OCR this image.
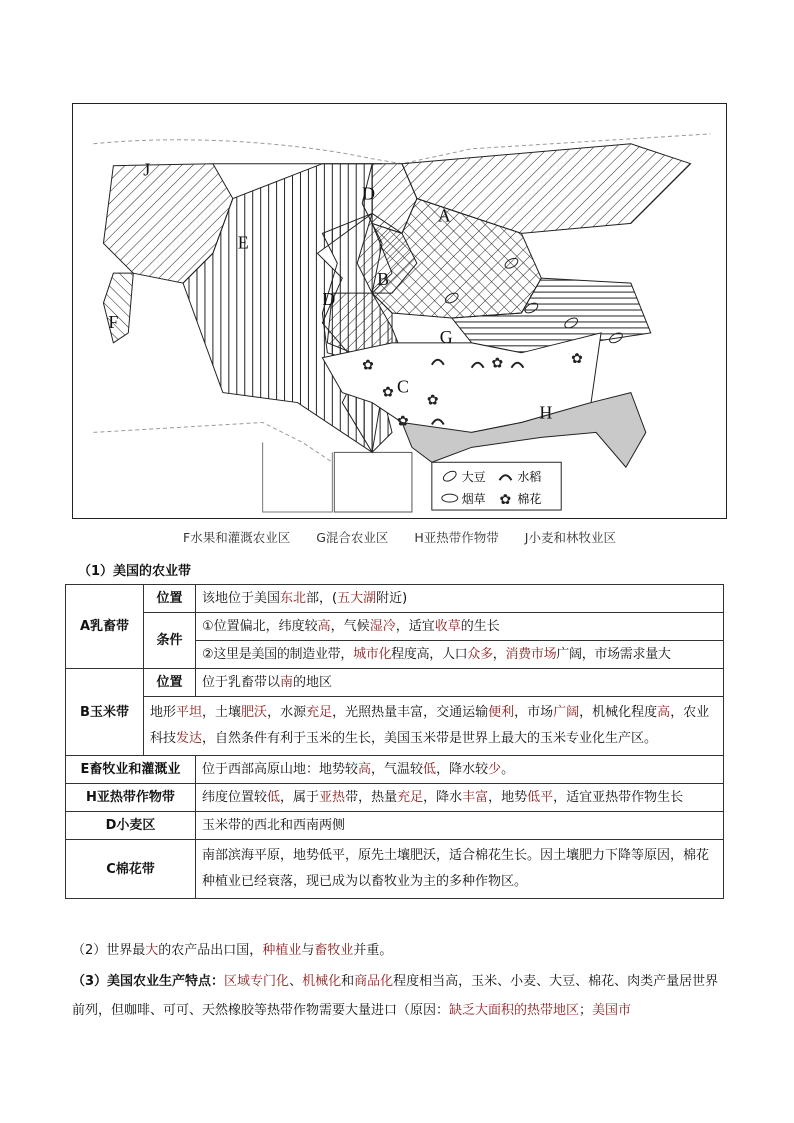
J
E
D
A
B
D
F
G
C
H
✿
✿
✿
✿	✿
✿
✿
大豆	水稻
烟草	棉花
F水果和灌溉农业区 G混合农业区 H亚热带作物带 J小麦和林牧业区
（1）美国的农业带
A乳畜带	位置	该地位于美国东北部，(五大湖附近)
	条件	①位置偏北，纬度较高，气候湿冷，适宜收草的生长
		②这里是美国的制造业带，城市化程度高，人口众多，消费市场广阔，市场需求量大
B玉米带	位置	位于乳畜带以南的地区
	地形平坦，土壤肥沃，水源充足，光照热量丰富，交通运输便利，市场广阔，机械化程度高，农业科技发达，自然条件有利于玉米的生长，美国玉米带是世界上最大的玉米专业化生产区。	
E畜牧业和灌溉业		位于西部高原山地：地势较高，气温较低，降水较少。
H亚热带作物带		纬度位置较低，属于亚热带，热量充足，降水丰富，地势低平，适宜亚热带作物生长
D小麦区		玉米带的西北和西南两侧
C棉花带		南部滨海平原，地势低平，原先土壤肥沃，适合棉花生长。因土壤肥力下降等原因，棉花种植业已经衰落，现已成为以畜牧业为主的多种作物区。
（2）世界最大的农产品出口国，种植业与畜牧业并重。
（3）美国农业生产特点：区域专门化、机械化和商品化程度相当高，玉米、小麦、大豆、棉花、肉类产量居世界前列，但咖啡、可可、天然橡胶等热带作物需要大量进口（原因：缺乏大面积的热带地区；美国市
